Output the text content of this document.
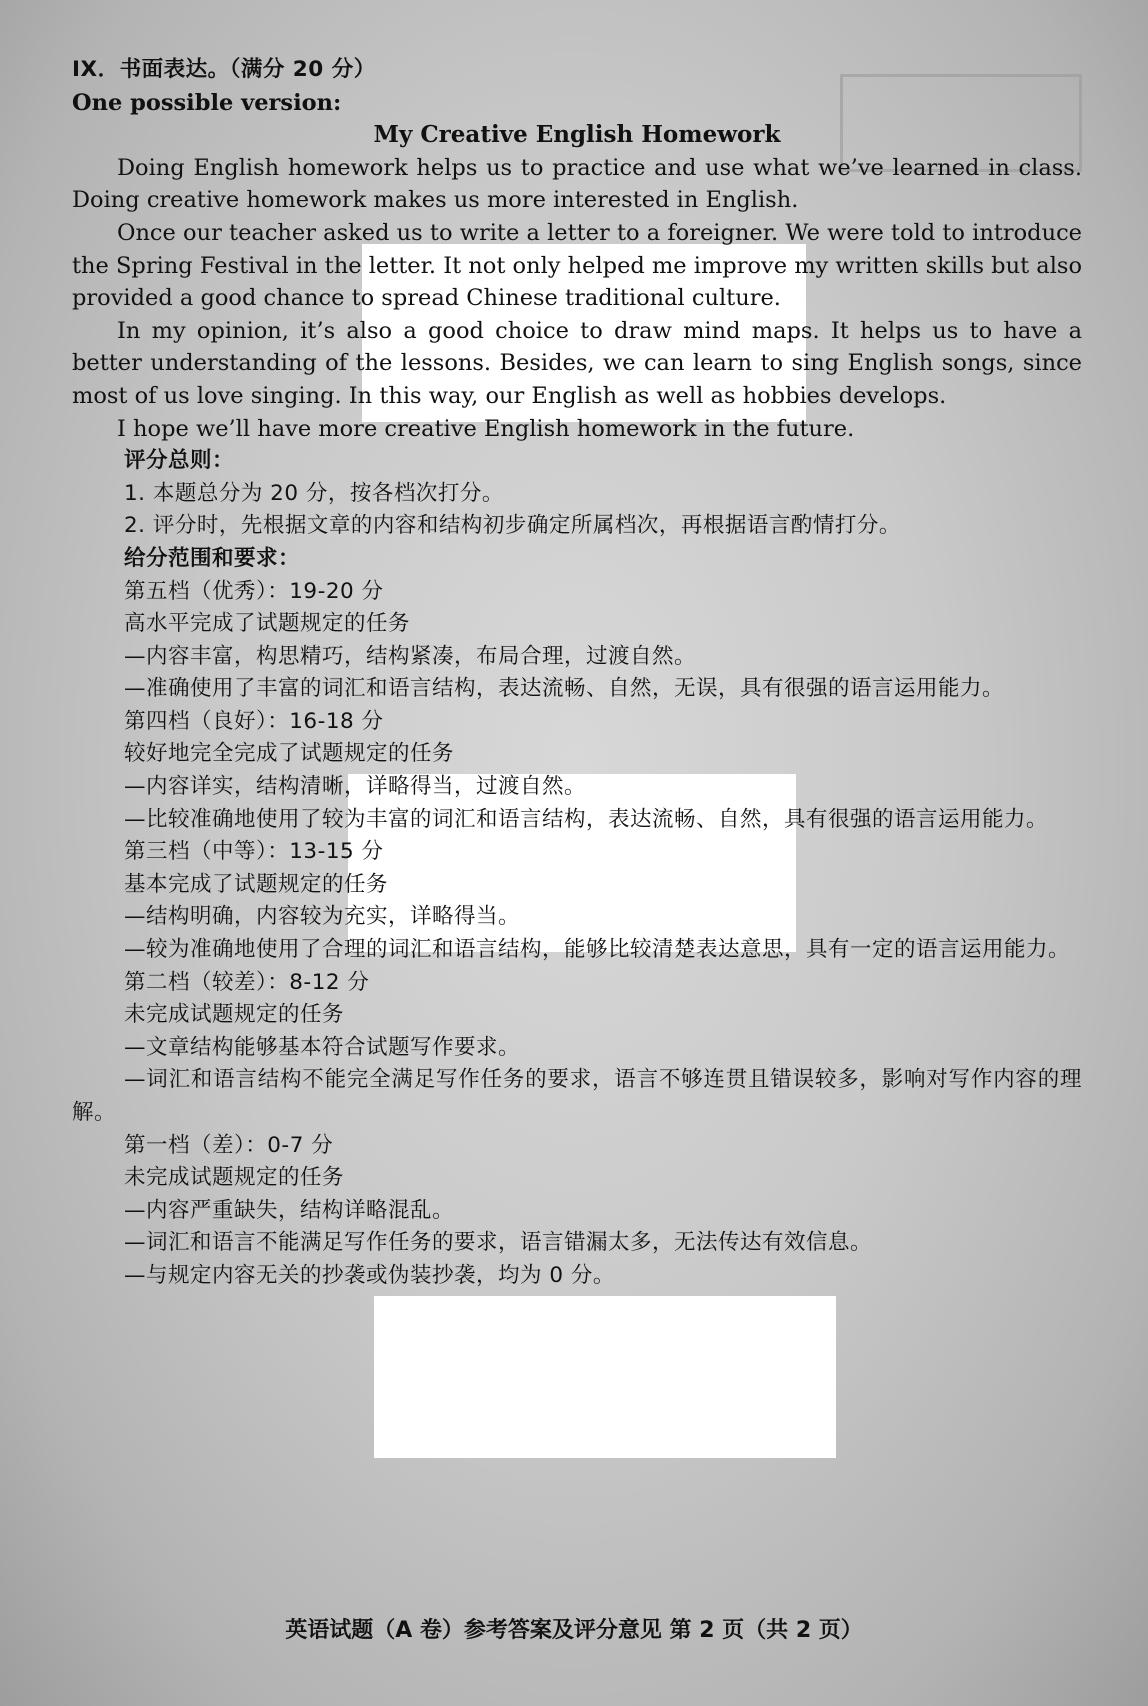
IX．书面表达。（满分 20 分）

One possible version:

My Creative English Homework

Doing English homework helps us to practice and use what we’ve learned in class. Doing creative homework makes us more interested in English.

Once our teacher asked us to write a letter to a foreigner. We were told to introduce the Spring Festival in the letter. It not only helped me improve my written skills but also provided a good chance to spread Chinese traditional culture.

In my opinion, it’s also a good choice to draw mind maps. It helps us to have a better understanding of the lessons. Besides, we can learn to sing English songs, since most of us love singing. In this way, our English as well as hobbies develops.

I hope we’ll have more creative English homework in the future.

评分总则：

1. 本题总分为 20 分，按各档次打分。

2. 评分时，先根据文章的内容和结构初步确定所属档次，再根据语言酌情打分。

给分范围和要求：

第五档（优秀）：19-20 分

高水平完成了试题规定的任务

—内容丰富，构思精巧，结构紧凑，布局合理，过渡自然。

—准确使用了丰富的词汇和语言结构，表达流畅、自然，无误，具有很强的语言运用能力。

第四档（良好）：16-18 分

较好地完全完成了试题规定的任务

—内容详实，结构清晰，详略得当，过渡自然。

—比较准确地使用了较为丰富的词汇和语言结构，表达流畅、自然，具有很强的语言运用能力。

第三档（中等）：13-15 分

基本完成了试题规定的任务

—结构明确，内容较为充实，详略得当。

—较为准确地使用了合理的词汇和语言结构，能够比较清楚表达意思，具有一定的语言运用能力。

第二档（较差）：8-12 分

未完成试题规定的任务

—文章结构能够基本符合试题写作要求。

—词汇和语言结构不能完全满足写作任务的要求，语言不够连贯且错误较多，影响对写作内容的理解。

第一档（差）：0-7 分

未完成试题规定的任务

—内容严重缺失，结构详略混乱。

—词汇和语言不能满足写作任务的要求，语言错漏太多，无法传达有效信息。

—与规定内容无关的抄袭或伪装抄袭，均为 0 分。

英语试题（A 卷）参考答案及评分意见 第 2 页（共 2 页）
